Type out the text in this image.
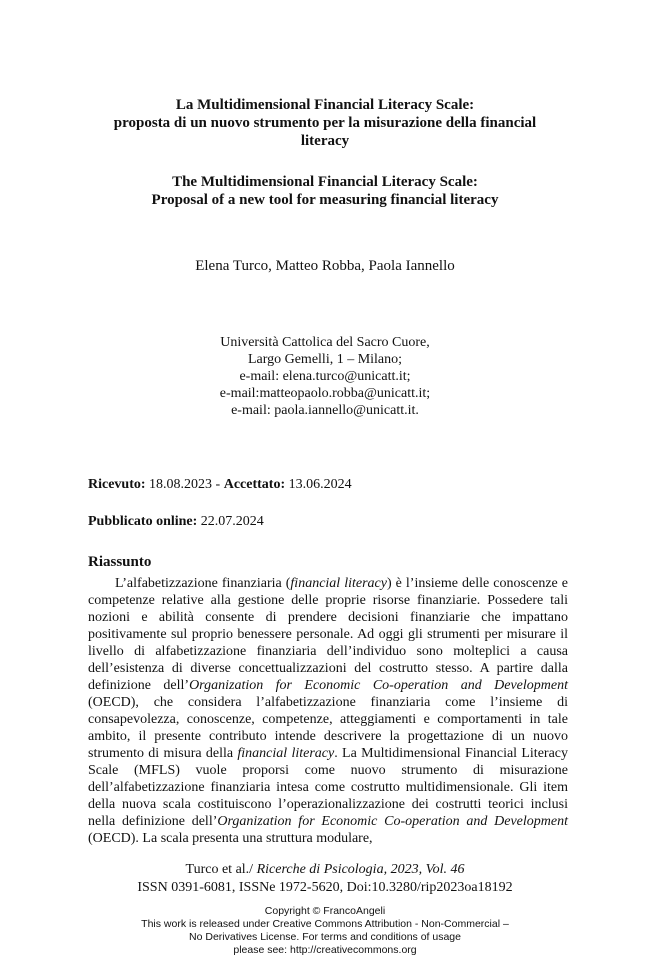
La Multidimensional Financial Literacy Scale:
proposta di un nuovo strumento per la misurazione della financial
literacy
The Multidimensional Financial Literacy Scale:
Proposal of a new tool for measuring financial literacy
Elena Turco, Matteo Robba, Paola Iannello
Università Cattolica del Sacro Cuore,
Largo Gemelli, 1 – Milano;
e-mail: elena.turco@unicatt.it;
e-mail:matteopaolo.robba@unicatt.it;
e-mail: paola.iannello@unicatt.it.
Ricevuto: 18.08.2023 - Accettato: 13.06.2024
Pubblicato online: 22.07.2024
Riassunto
L’alfabetizzazione finanziaria (financial literacy) è l’insieme delle conoscenze e competenze relative alla gestione delle proprie risorse finanziarie. Possedere tali nozioni e abilità consente di prendere decisioni finanziarie che impattano positivamente sul proprio benessere personale. Ad oggi gli strumenti per misurare il livello di alfabetizzazione finanziaria dell’individuo sono molteplici a causa dell’esistenza di diverse concettualizzazioni del costrutto stesso. A partire dalla definizione dell’Organization for Economic Co-operation and Development (OECD), che considera l’alfabetizzazione finanziaria come l’insieme di consapevolezza, conoscenze, competenze, atteggiamenti e comportamenti in tale ambito, il presente contributo intende descrivere la progettazione di un nuovo strumento di misura della financial literacy. La Multidimensional Financial Literacy Scale (MFLS) vuole proporsi come nuovo strumento di misurazione dell’alfabetizzazione finanziaria intesa come costrutto multidimensionale. Gli item della nuova scala costituiscono l’operazionalizzazione dei costrutti teorici inclusi nella definizione dell’Organization for Economic Co-operation and Development (OECD). La scala presenta una struttura modulare,
Turco et al./ Ricerche di Psicologia, 2023, Vol. 46
ISSN 0391-6081, ISSNe 1972-5620, Doi:10.3280/rip2023oa18192
Copyright © FrancoAngeli
This work is released under Creative Commons Attribution - Non-Commercial –
No Derivatives License. For terms and conditions of usage
please see: http://creativecommons.org
